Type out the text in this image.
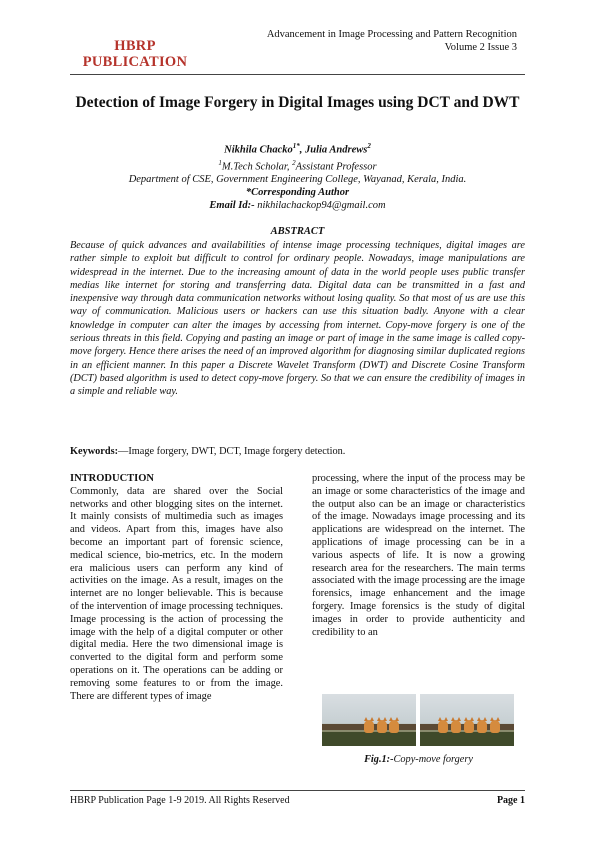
HBRP
PUBLICATION
Advancement in Image Processing and Pattern Recognition
Volume 2 Issue 3
Detection of Image Forgery in Digital Images using DCT and DWT
Nikhila Chacko$^{1*}$, Julia Andrews$^2$
$^1$M.Tech Scholar, $^2$Assistant Professor
Department of CSE, Government Engineering College, Wayanad, Kerala, India.
*Corresponding Author
Email Id:- nikhilachackop94@gmail.com
ABSTRACT
Because of quick advances and availabilities of intense image processing techniques, digital images are rather simple to exploit but difficult to control for ordinary people. Nowadays, image manipulations are widespread in the internet. Due to the increasing amount of data in the world people uses public transfer medias like internet for storing and transferring data. Digital data can be transmitted in a fast and inexpensive way through data communication networks without losing quality. So that most of us are use this way of communication. Malicious users or hackers can use this situation badly. Anyone with a clear knowledge in computer can alter the images by accessing from internet. Copy-move forgery is one of the serious threats in this field. Copying and pasting an image or part of image in the same image is called copy-move forgery. Hence there arises the need of an improved algorithm for diagnosing similar duplicated regions in an efficient manner. In this paper a Discrete Wavelet Transform (DWT) and Discrete Cosine Transform (DCT) based algorithm is used to detect copy-move forgery. So that we can ensure the credibility of images in a simple and reliable way.
Keywords:—Image forgery, DWT, DCT, Image forgery detection.
INTRODUCTION
Commonly, data are shared over the Social networks and other blogging sites on the internet. It mainly consists of multimedia such as images and videos. Apart from this, images have also become an important part of forensic science, medical science, bio-metrics, etc. In the modern era malicious users can perform any kind of activities on the image. As a result, images on the internet are no longer believable. This is because of the intervention of image processing techniques. Image processing is the action of processing the image with the help of a digital computer or other digital media. Here the two dimensional image is converted to the digital form and perform some operations on it. The operations can be adding or removing some features to or from the image. There are different types of image
processing, where the input of the process may be an image or some characteristics of the image and the output also can be an image or characteristics of the image. Nowadays image processing and its applications are widespread on the internet. The applications of image processing can be in a various aspects of life. It is now a growing research area for the researchers. The main terms associated with the image processing are the image forensics, image enhancement and the image forgery. Image forensics is the study of digital images in order to provide authenticity and credibility to an
Fig.1:-Copy-move forgery
HBRP Publication Page 1-9 2019. All Rights Reserved	Page 1
